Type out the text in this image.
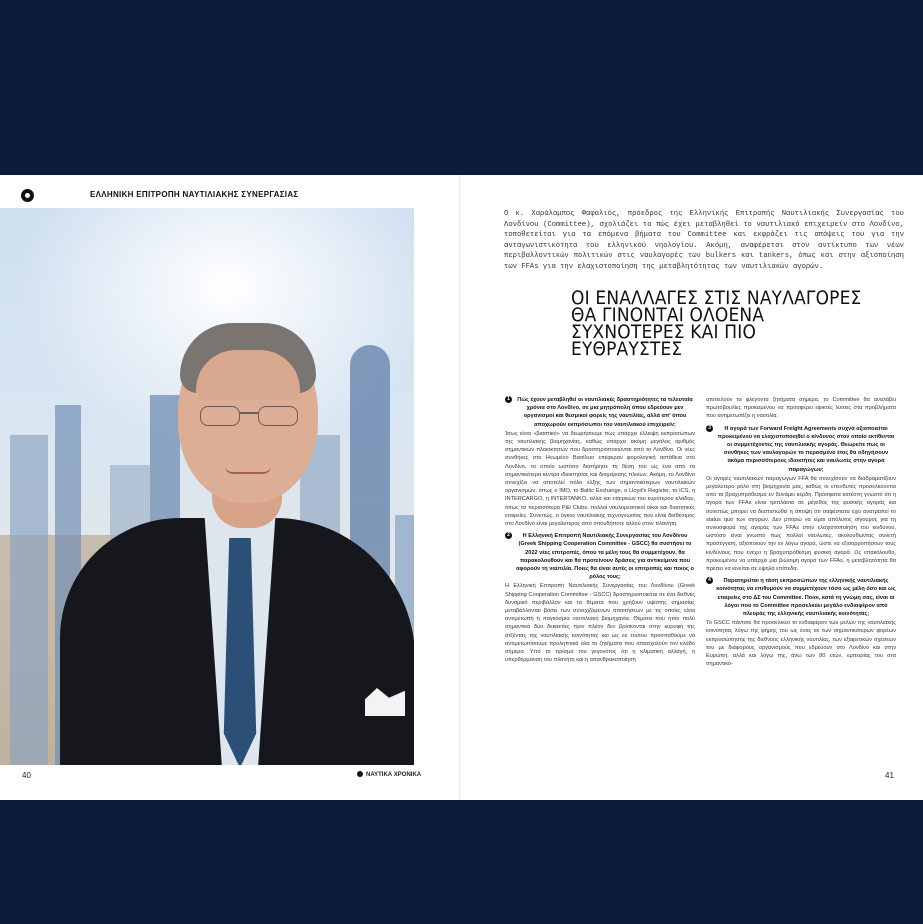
ΕΛΛΗΝΙΚΗ ΕΠΙΤΡΟΠΗ ΝΑΥΤΙΛΙΑΚΗΣ ΣΥΝΕΡΓΑΣΙΑΣ
40	ΝΑΥΤΙΚΑ ΧΡΟΝΙΚΑ

Ο κ. Χαράλαμπος Φαφαλιός, πρόεδρος της Ελληνικής Επιτροπής Ναυτιλιακής Συνεργασίας του Λονδίνου (Committee), σχολιάζει το πώς έχει μεταβληθεί το ναυτιλιακό επιχειρείν στο Λονδίνο, τοποθετείται για τα επόμενα βήματα του Committee και εκφράζει τις απόψεις του για την ανταγωνιστικότητα του ελληνικού νηολογίου. Ακόμη, αναφέρεται στον αντίκτυπο των νέων περιβαλλοντικών πολιτικών στις ναυλαγορές των bulkers και tankers, όπως και στην αξιοποίηση των FFAs για την ελαχιστοποίηση της μεταβλητότητας των ναυτιλιακών αγορών.

ΟΙ ΕΝΑΛΛΑΓΕΣ ΣΤΙΣ ΝΑΥΛΑΓΟΡΕΣ ΘΑ ΓΙΝΟΝΤΑΙ ΟΛΟΕΝΑ ΣΥΧΝΟΤΕΡΕΣ ΚΑΙ ΠΙΟ ΕΥΘΡΑΥΣΤΕΣ
1	Πώς έχουν μεταβληθεί οι ναυτιλιακές δραστηριότητες τα τελευταία χρόνια στο Λονδίνο, σε μια μητρόπολη όπου εδρεύουν μεν οργανισμοί και θεσμικοί φορείς της ναυτιλίας, αλλά απ' όπου αποχωρούν εκπρόσωποι του ναυτιλιακού επιχειρείν;

Ίσως είναι «βιαστικό» να θεωρήσουμε πως υπάρχει έλλειψη εκπροσώπων της ναυτιλιακής βιομηχανίας, καθώς υπάρχει ακόμη μεγάλος αριθμός σημαντικών πλοιοκτητών που δραστηριοποιούνται από το Λονδίνο. Οι νέες συνθήκες στο Ηνωμένο Βασίλειο επέφεραν φορολογική αστάθεια στο Λονδίνο, το οποίο ωστόσο διατήρησε τη θέση του ως ένα από τα σημαντικότερα κέντρα ιδιοκτησίας και διαχείρισης πλοίων. Ακόμη, το Λονδίνο συνεχίζει να αποτελεί πόλο έλξης των σημαντικότερων ναυτιλιακών οργανισμών, όπως ο IMO, το Baltic Exchange, ο Lloyd's Register, το ICS, η INTERCARGO, η INTERTANKO, αλλά και εταιρειών του ευρύτερου κλάδου, όπως τα περισσότερα P&I Clubs, πολλοί ναυλομεσιτικοί οίκοι και διαιτητικές εταιρείες. Συνεπώς, ο όγκος ναυτιλιακής τεχνογνωσίας που είναι διαθέσιμος στο Λονδίνο είναι μεγαλύτερος από οπουδήποτε αλλού στον πλανήτη.

2	Η Ελληνική Επιτροπή Ναυτιλιακής Συνεργασίας του Λονδίνου (Greek Shipping Cooperation Committee - GSCC) θα συστήσει το 2022 νέες επιτροπές, όπου τα μέλη τους θα συμμετέχουν, θα παρακολουθούν και θα προτείνουν δράσεις για αντικείμενα που αφορούν τη ναυτιλία. Ποιες θα είναι αυτές οι επιτροπές και ποιος ο ρόλος τους;

Η Ελληνική Επιτροπή Ναυτιλιακής Συνεργασίας του Λονδίνου (Greek Shipping Cooperation Committee - GSCC) δραστηριοποιείται σε ένα διεθνές δυναμικό περιβάλλον και τα θέματα που χρήζουν υψίστης σημασίας μεταβάλλονται βάσει των συνεχιζόμενων απαιτήσεων με τις οποίες είναι αντιμέτωπη η παγκόσμια ναυτιλιακή βιομηχανία. Θέματα που ήταν πολύ σημαντικά δύο δεκαετίες πριν πλέον δεν βρίσκονται στην κορυφή της ατζέντας της ναυτιλιακής κοινότητας και ως εκ τούτου προσπαθούμε να αντιμετωπίσουμε προληπτικά όλα τα ζητήματα που απασχολούν τον κλάδο σήμερα. Υπό το πρίσμα του γεγονότος ότι η κλιματική αλλαγή, η υπερθέρμανση του πλανήτη και η απανθρακοποίηση

αποτελούν τα φλέγοντα ζητήματα σήμερα, το Committee θα αναλάβει πρωτοβουλίες προκειμένου να προσφέρει εφικτές λύσεις στα προβλήματα που αντιμετωπίζει η ναυτιλία.

3	Η αγορά των Forward Freight Agreements συχνά αξιοποιείται προκειμένου να ελαχιστοποιηθεί ο κίνδυνος στον οποίο εκτίθενται οι συμμετέχοντες της ναυτιλιακής αγοράς. Θεωρείτε πως οι συνθήκες των ναυλαγορών το περασμένο έτος θα οδηγήσουν ακόμα περισσότερους ιδιοκτήτες και ναυλωτές στην αγορά παραγώγων;

Οι αγορές ναυτιλιακών παραγώγων FFA θα συνεχίσουν να διαδραματίζουν μεγαλύτερο ρόλο στη βιομηχανία μας, καθώς οι επενδυτές προσελκύονται από τα βραχυπρόθεσμα εν δυνάμει κέρδη. Πρόσφατα κατέστη γνωστό ότι η αγορά των FFAs είναι τριπλάσια σε μέγεθος της φυσικής αγοράς και συνεπώς μπορεί να διαπιστωθεί η άποψη ότι σαφέστατα έχει ανατραπεί το status quo των αγορών. Δεν μπορώ να είμαι απόλυτος σίγουρος για τη συνεισφορά της αγοράς των FFAs στην ελαχιστοποίηση του κινδύνου, ωστόσο είναι γνωστό πως πολλοί ναυλωτές, ακολουθώντας συνετή προσέγγιση, αξιοποιούν την εν λόγω αγορά, ώστε να εξισορροπήσουν τους κινδύνους που ενέχει η βραχυπρόθεσμη φυσική αγορά. Ως επακόλουθο, προκειμένου να υπάρχει μια βιώσιμη αγορά των FFAs, η μεταβλητότητα θα πρέπει να κινείται σε υψηλά επίπεδα.

4	Παρατηρείται η τάση εκπροσώπων της ελληνικής ναυτιλιακής κοινότητας να επιθυμούν να συμμετέχουν τόσο ως μέλη όσο και ως εταιρείες στο ΔΣ του Committee. Ποιοι, κατά τη γνώμη σας, είναι οι λόγοι που το Committee προσελκύει μεγάλο ενδιαφέρον από πλευράς της ελληνικής ναυτιλιακής κοινότητας;

Το GSCC πάντοτε θα προσελκύει το ενδιαφέρον των μελών της ναυτιλιακής κοινότητας λόγω της φήμης του ως ένας εκ των σημαντικότερων φορέων εκπροσώπησης της διεθνούς ελληνικής ναυτιλίας, των εξαιρετικών σχέσεων του με διάφορους οργανισμούς που εδρεύουν στο Λονδίνο και στην Ευρώπη, αλλά και λόγω της, άνω των 80 ετών, εμπειρίας του στα σημαντικό-

41
